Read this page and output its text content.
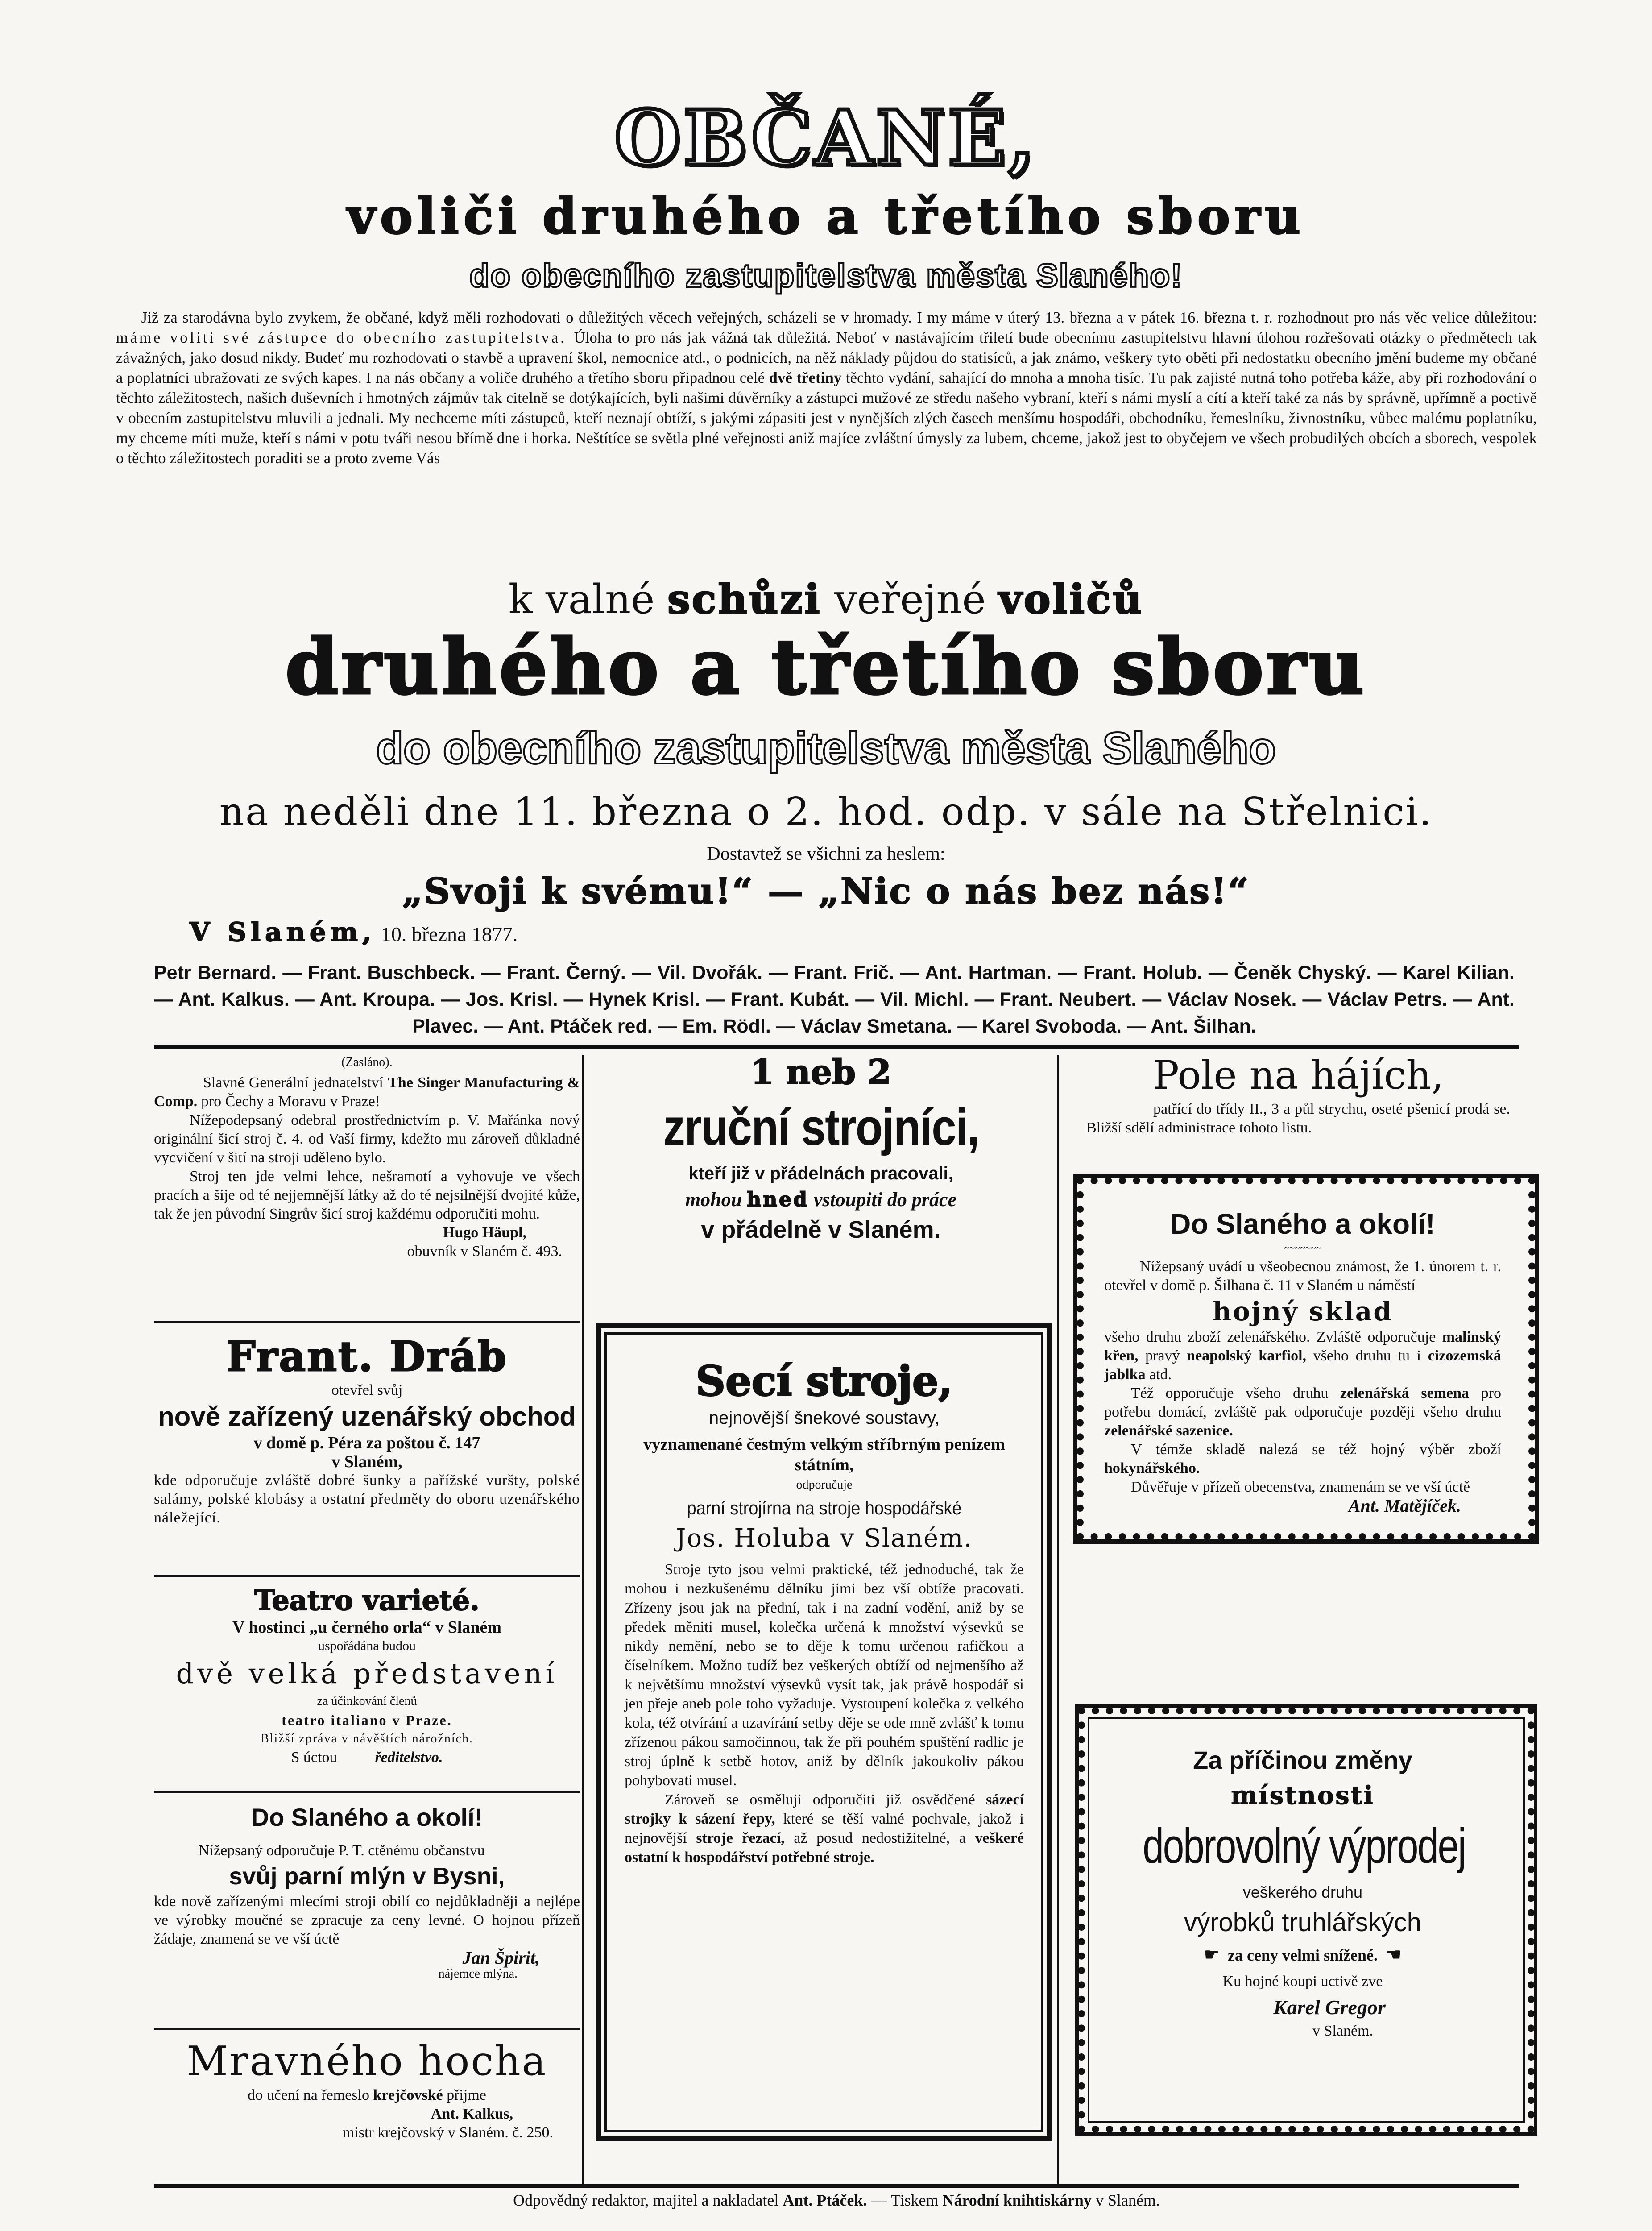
OBČANÉ,
voliči druhého a třetího sboru
do obecního zastupitelstva města Slaného!
Již za starodávna bylo zvykem, že občané, když měli rozhodovati o důležitých věcech veřejných, scházeli se v hromady. I my máme v úterý 13. března a v pátek 16. března t. r. rozhodnout pro nás věc velice důležitou: máme voliti své zástupce do obecního zastupitelstva. Úloha to pro nás jak vážná tak důležitá. Neboť v nastávajícím třiletí bude obecnímu zastupitelstvu hlavní úlohou rozřešovati otázky o předmětech tak závažných, jako dosud nikdy. Budeť mu rozhodovati o stavbě a upravení škol, nemocnice atd., o podnicích, na něž náklady půjdou do statisíců, a jak známo, veškery tyto oběti při nedostatku obecního jmění budeme my občané a poplatníci ubražovati ze svých kapes. I na nás občany a voliče druhého a třetího sboru připadnou celé dvě třetiny těchto vydání, sahající do mnoha a mnoha tisíc. Tu pak zajisté nutná toho potřeba káže, aby při rozhodování o těchto záležitostech, našich duševních i hmotných zájmův tak citelně se dotýkajících, byli našimi důvěrníky a zástupci mužové ze středu našeho vybraní, kteří s námi myslí a cítí a kteří také za nás by správně, upřímně a poctivě v obecním zastupitelstvu mluvili a jednali. My nechceme míti zástupců, kteří neznají obtíží, s jakými zápasiti jest v nynějších zlých časech menšímu hospodáři, obchodníku, řemeslníku, živnostníku, vůbec malému poplatníku, my chceme míti muže, kteří s námi v potu tváři nesou břímě dne i horka. Neštítíce se světla plné veřejnosti aniž majíce zvláštní úmysly za lubem, chceme, jakož jest to obyčejem ve všech probudilých obcích a sborech, vespolek o těchto záležitostech poraditi se a proto zveme Vás
k valné schůzi veřejné voličů
druhého a třetího sboru
do obecního zastupitelstva města Slaného
na neděli dne 11. března o 2. hod. odp. v sále na Střelnici.
Dostavtež se všichni za heslem:
„Svoji k svému!“ — „Nic o nás bez nás!“
V Slaném, 10. března 1877.
Petr Bernard. — Frant. Buschbeck. — Frant. Černý. — Vil. Dvořák. — Frant. Frič. — Ant. Hartman. — Frant. Holub. — Čeněk Chyský. — Karel Kilian. — Ant. Kalkus. — Ant. Kroupa. — Jos. Krisl. — Hynek Krisl. — Frant. Kubát. — Vil. Michl. — Frant. Neubert. — Václav Nosek. — Václav Petrs. — Ant. Plavec. — Ant. Ptáček red. — Em. Rödl. — Václav Smetana. — Karel Svoboda. — Ant. Šilhan.
(Zasláno).
Slavné Generální jednatelství The Singer Manufacturing & Comp. pro Čechy a Moravu v Praze!
Nížepodepsaný odebral prostřednictvím p. V. Mařánka nový originální šicí stroj č. 4. od Vaší firmy, kdežto mu zároveň důkladné vycvičení v šití na stroji uděleno bylo.
Stroj ten jde velmi lehce, nešramotí a vyhovuje ve všech pracích a šije od té nejjemnější látky až do té nejsilnější dvojité kůže, tak že jen původní Singrův šicí stroj každému odporučiti mohu.
Hugo Häupl,
obuvník v Slaném č. 493.
Frant. Dráb
otevřel svůj
nově zařízený uzenářský obchod
v domě p. Péra za poštou č. 147
v Slaném,
kde odporučuje zvláště dobré šunky a pařížské vuršty, polské salámy, polské klobásy a ostatní předměty do oboru uzenářského náležející.
Teatro varieté.
V hostinci „u černého orla“ v Slaném
uspořádána budou
dvě velká představení
za účinkování členů
teatro italiano v Praze.
Bližší zpráva v návěštích nárožních.
S úctou	ředitelstvo.
Do Slaného a okolí!
Nížepsaný odporučuje P. T. ctěnému občanstvu
svůj parní mlýn v Bysni,
kde nově zařízenými mlecími stroji obilí co nejdůkladněji a nejlépe ve výrobky moučné se zpracuje za ceny levné. O hojnou přízeň žádaje, znamená se ve vší úctě
Jan Špirit,
nájemce mlýna.
Mravného hocha
do učení na řemeslo krejčovské přijme
Ant. Kalkus,
mistr krejčovský v Slaném. č. 250.
1 neb 2
zruční strojníci,
kteří již v přádelnách pracovali,
mohou hned vstoupiti do práce
v přádelně v Slaném.
Secí stroje,
nejnovější šnekové soustavy,
vyznamenané čestným velkým stříbrným penízem státním,
odporučuje
parní strojírna na stroje hospodářské
Jos. Holuba v Slaném.
Stroje tyto jsou velmi praktické, též jednoduché, tak že mohou i nezkušenému dělníku jimi bez vší obtíže pracovati. Zřízeny jsou jak na přední, tak i na zadní vodění, aniž by se předek měniti musel, kolečka určená k množství výsevků se nikdy nemění, nebo se to děje k tomu určenou rafičkou a číselníkem. Možno tudíž bez veškerých obtíží od nejmenšího až k největšímu množství výsevků vysít tak, jak právě hospodář si jen přeje aneb pole toho vyžaduje. Vystoupení kolečka z velkého kola, též otvírání a uzavírání setby děje se ode mně zvlášť k tomu zřízenou pákou samočinnou, tak že při pouhém spuštění radlic je stroj úplně k setbě hotov, aniž by dělník jakoukoliv pákou pohybovati musel.
Zároveň se osměluji odporučiti již osvědčené sázecí strojky k sázení řepy, které se těší valné pochvale, jakož i nejnovější stroje řezací, až posud nedostižitelné, a veškeré ostatní k hospodářství potřebné stroje.
Pole na hájích,
patřící do třídy II., 3 a půl strychu, oseté pšenicí prodá se. Bližší sdělí administrace tohoto listu.
Do Slaného a okolí!
~~~~~~~
Nížepsaný uvádí u všeobecnou známost, že 1. únorem t. r. otevřel v domě p. Šilhana č. 11 v Slaném u náměstí
hojný sklad
všeho druhu zboží zelenářského. Zvláště odporučuje malinský křen, pravý neapolský karfiol, všeho druhu tu i cizozemská jablka atd.
Též opporučuje všeho druhu zelenářská semena pro potřebu domácí, zvláště pak odporučuje později všeho druhu zelenářské sazenice.
V témže skladě nalezá se též hojný výběr zboží hokynářského.
Důvěřuje v přízeň obecenstva, znamenám se ve vší úctě
Ant. Matějíček.
Za příčinou změny
místnosti
dobrovolný výprodej
veškerého druhu
výrobků truhlářských
☛ za ceny velmi snížené. ☚
Ku hojné koupi uctivě zve
Karel Gregor
v Slaném.
Odpovědný redaktor, majitel a nakladatel Ant. Ptáček. — Tiskem Národní knihtiskárny v Slaném.
